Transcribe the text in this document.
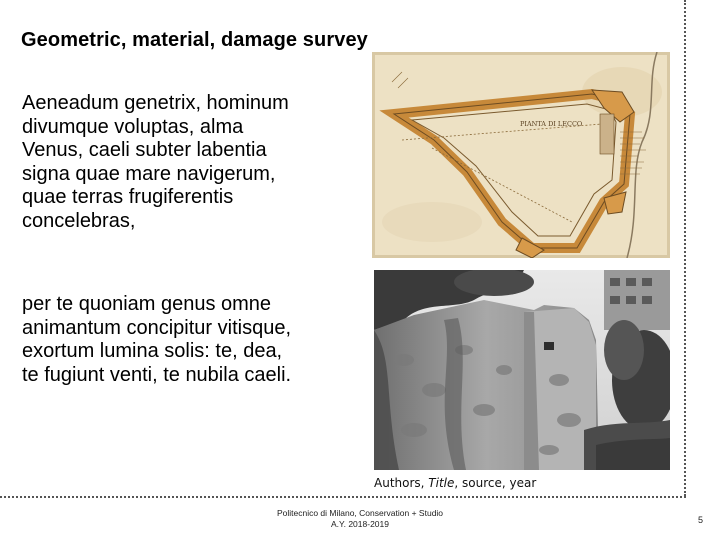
Geometric, material, damage survey
Aeneadum genetrix, hominum
divumque voluptas, alma
Venus, caeli subter labentia
signa quae mare navigerum,
quae terras frugiferentis
concelebras,
per te quoniam genus omne
animantum concipitur vitisque,
exortum lumina solis: te, dea,
te fugiunt venti, te nubila caeli.
PIANTA DI LECCO
Authors, Title, source, year
Politecnico di Milano, Conservation + Studio
A.Y. 2018-2019	5
